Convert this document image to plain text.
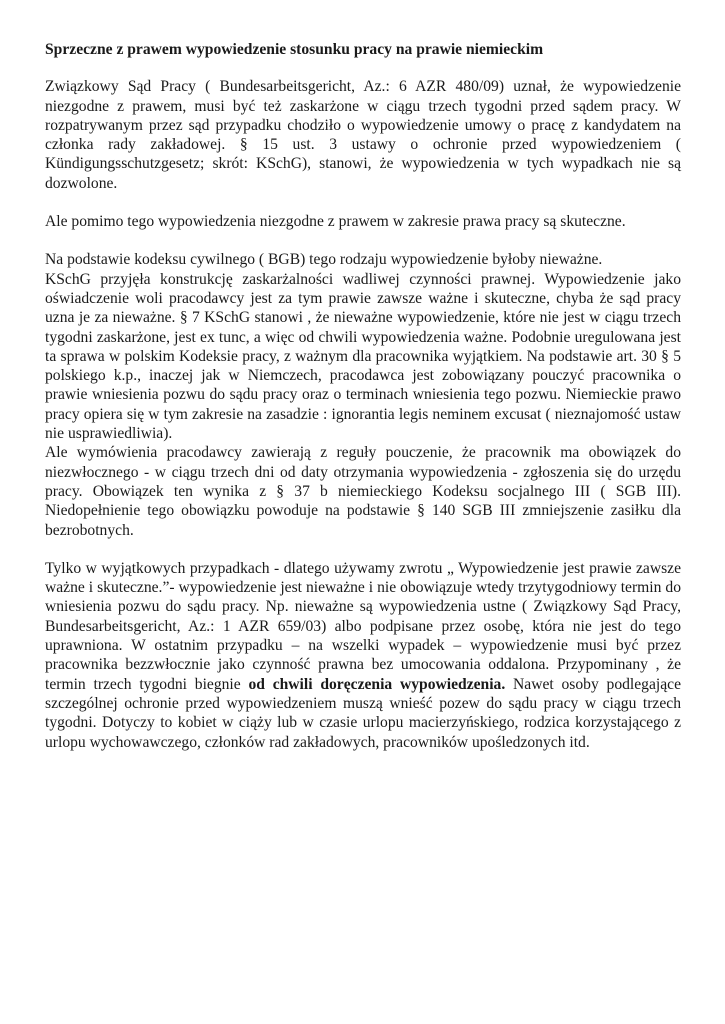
Sprzeczne z prawem wypowiedzenie stosunku pracy na prawie niemieckim

Związkowy Sąd Pracy ( Bundesarbeitsgericht, Az.: 6 AZR 480/09) uznał, że wypowiedzenie niezgodne z prawem, musi być też zaskarżone w ciągu trzech tygodni przed sądem pracy. W rozpatrywanym przez sąd przypadku chodziło o wypowiedzenie umowy o pracę z kandydatem na członka rady zakładowej. § 15 ust. 3 ustawy o ochronie przed wypowiedzeniem ( Kündigungsschutzgesetz; skrót: KSchG), stanowi, że wypowiedzenia w tych wypadkach nie są dozwolone.

Ale pomimo tego wypowiedzenia niezgodne z prawem w zakresie prawa pracy są skuteczne.

Na podstawie kodeksu cywilnego ( BGB) tego rodzaju wypowiedzenie byłoby nieważne.

KSchG przyjęła konstrukcję zaskarżalności wadliwej czynności prawnej. Wypowiedzenie jako oświadczenie woli pracodawcy jest za tym prawie zawsze ważne i skuteczne, chyba że sąd pracy uzna je za nieważne. § 7 KSchG stanowi , że nieważne wypowiedzenie, które nie jest w ciągu trzech tygodni zaskarżone, jest ex tunc, a więc od chwili wypowiedzenia ważne. Podobnie uregulowana jest ta sprawa w polskim Kodeksie pracy, z ważnym dla pracownika wyjątkiem. Na podstawie art. 30 § 5 polskiego k.p., inaczej jak w Niemczech, pracodawca jest zobowiązany pouczyć pracownika o prawie wniesienia pozwu do sądu pracy oraz o terminach wniesienia tego pozwu. Niemieckie prawo pracy opiera się w tym zakresie na zasadzie : ignorantia legis neminem excusat ( nieznajomość ustaw nie usprawiedliwia).

Ale wymówienia pracodawcy zawierają z reguły pouczenie, że pracownik ma obowiązek do niezwłocznego - w ciągu trzech dni od daty otrzymania wypowiedzenia - zgłoszenia się do urzędu pracy. Obowiązek ten wynika z § 37 b niemieckiego Kodeksu socjalnego III ( SGB III). Niedopełnienie tego obowiązku powoduje na podstawie § 140 SGB III zmniejszenie zasiłku dla bezrobotnych.

Tylko w wyjątkowych przypadkach - dlatego używamy zwrotu „ Wypowiedzenie jest prawie zawsze ważne i skuteczne.”- wypowiedzenie jest nieważne i nie obowiązuje wtedy trzytygodniowy termin do wniesienia pozwu do sądu pracy. Np. nieważne są wypowiedzenia ustne ( Związkowy Sąd Pracy, Bundesarbeitsgericht, Az.: 1 AZR 659/03) albo podpisane przez osobę, która nie jest do tego uprawniona. W ostatnim przypadku – na wszelki wypadek – wypowiedzenie musi być przez pracownika bezzwłocznie jako czynność prawna bez umocowania oddalona. Przypominany , że termin trzech tygodni biegnie od chwili doręczenia wypowiedzenia. Nawet osoby podlegające szczególnej ochronie przed wypowiedzeniem muszą wnieść pozew do sądu pracy w ciągu trzech tygodni. Dotyczy to kobiet w ciąży lub w czasie urlopu macierzyńskiego, rodzica korzystającego z urlopu wychowawczego, członków rad zakładowych, pracowników upośledzonych itd.
